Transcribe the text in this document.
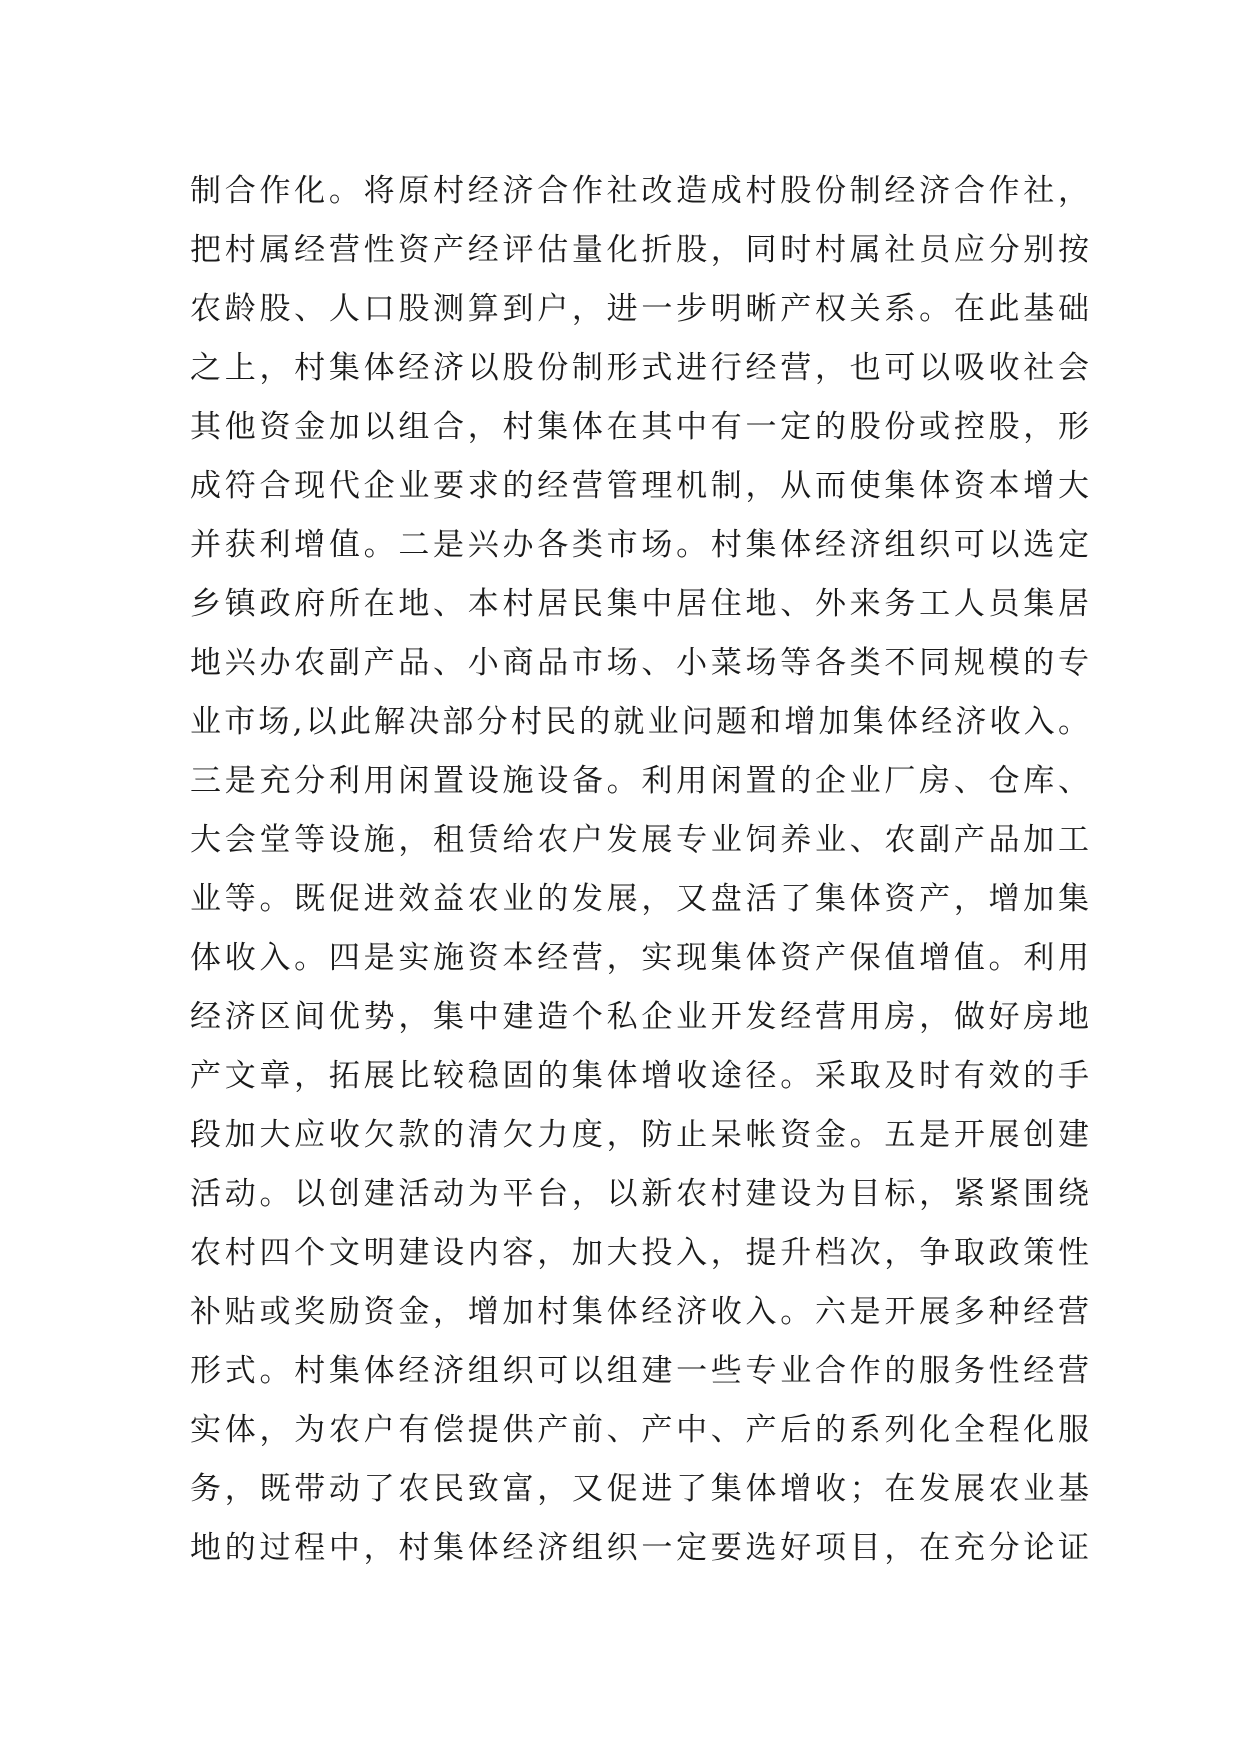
制合作化。将原村经济合作社改造成村股份制经济合作社，
把村属经营性资产经评估量化折股，同时村属社员应分别按
农龄股、人口股测算到户，进一步明晰产权关系。在此基础
之上，村集体经济以股份制形式进行经营，也可以吸收社会
其他资金加以组合，村集体在其中有一定的股份或控股，形
成符合现代企业要求的经营管理机制，从而使集体资本增大
并获利增值。二是兴办各类市场。村集体经济组织可以选定
乡镇政府所在地、本村居民集中居住地、外来务工人员集居
地兴办农副产品、小商品市场、小菜场等各类不同规模的专
业市场,以此解决部分村民的就业问题和增加集体经济收入。
三是充分利用闲置设施设备。利用闲置的企业厂房、仓库、
大会堂等设施，租赁给农户发展专业饲养业、农副产品加工
业等。既促进效益农业的发展，又盘活了集体资产，增加集
体收入。四是实施资本经营，实现集体资产保值增值。利用
经济区间优势，集中建造个私企业开发经营用房，做好房地
产文章，拓展比较稳固的集体增收途径。采取及时有效的手
段加大应收欠款的清欠力度，防止呆帐资金。五是开展创建
活动。以创建活动为平台，以新农村建设为目标，紧紧围绕
农村四个文明建设内容，加大投入，提升档次，争取政策性
补贴或奖励资金，增加村集体经济收入。六是开展多种经营
形式。村集体经济组织可以组建一些专业合作的服务性经营
实体，为农户有偿提供产前、产中、产后的系列化全程化服
务，既带动了农民致富，又促进了集体增收；在发展农业基
地的过程中，村集体经济组织一定要选好项目，在充分论证
